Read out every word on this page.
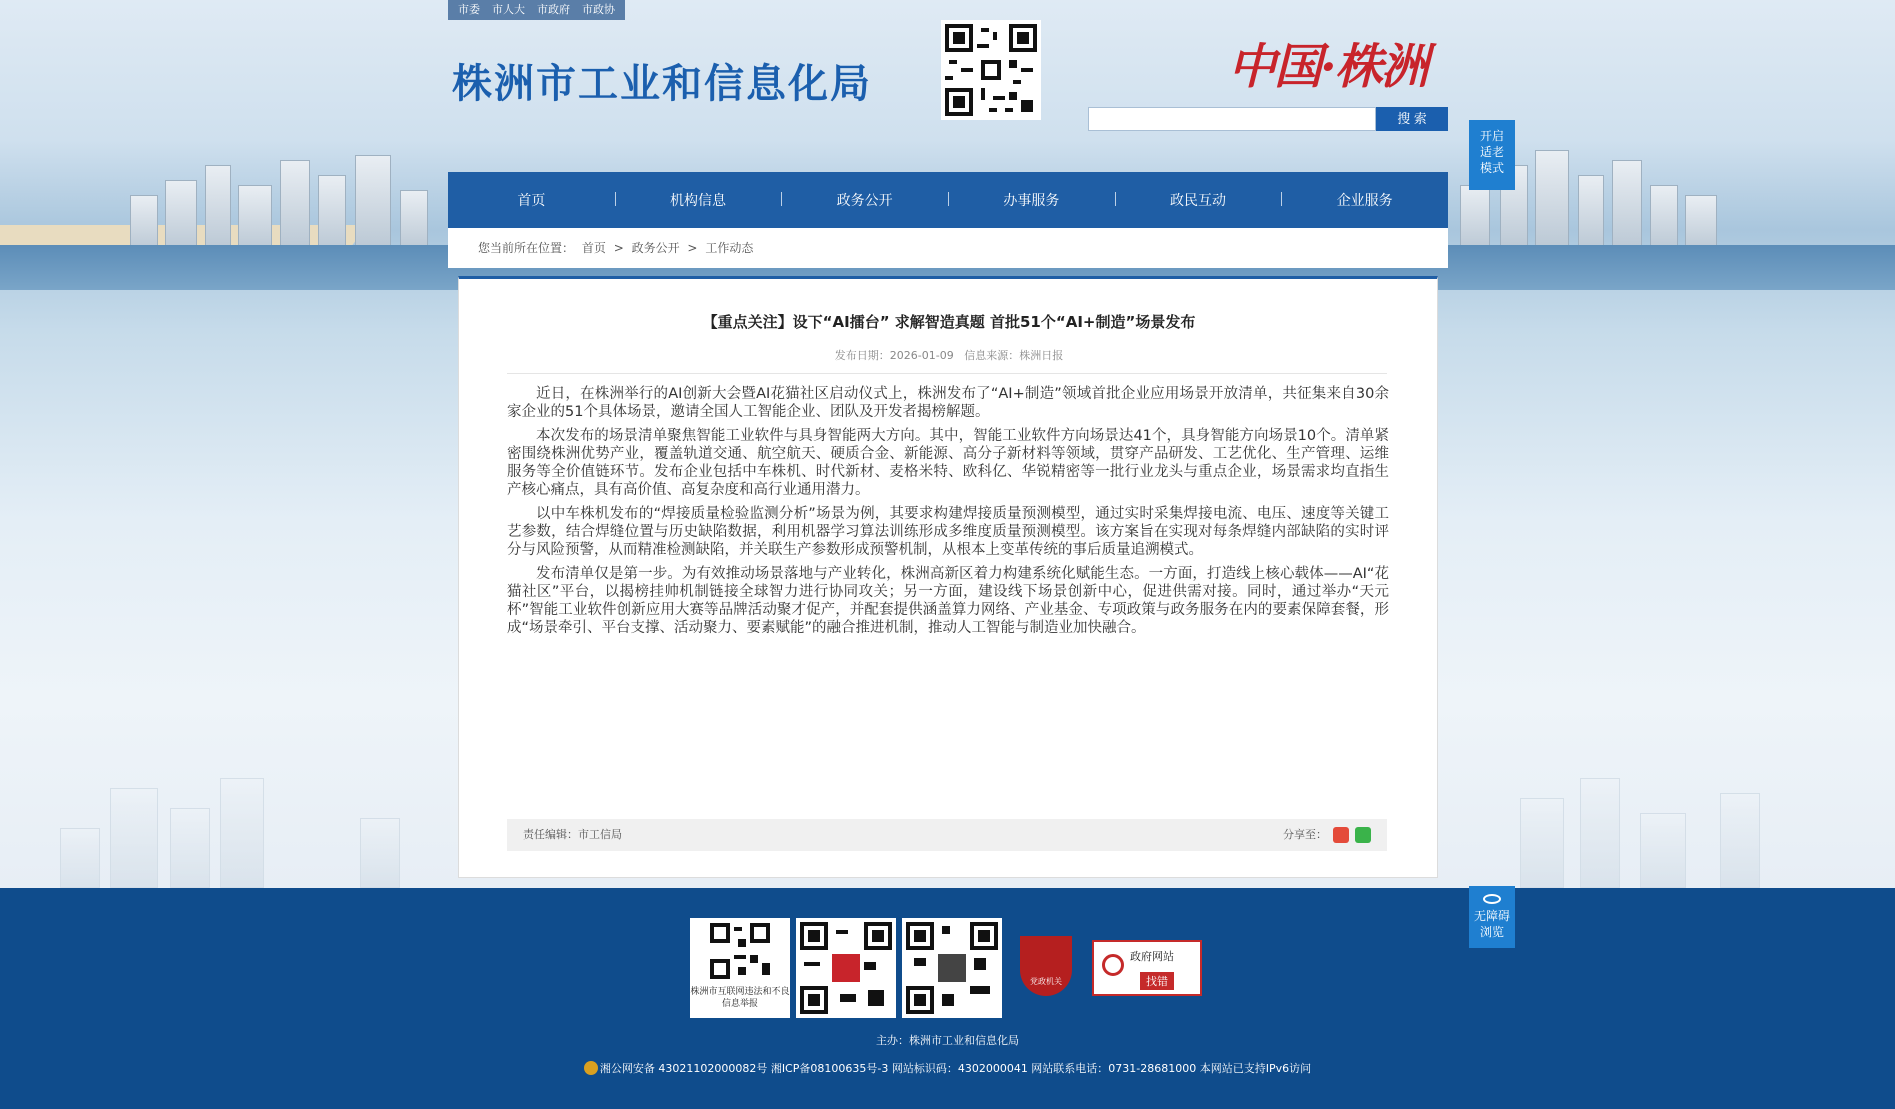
市委	市人大	市政府	市政协
株洲市工业和信息化局	中国·株洲
搜 索
开启
适老
模式
无障碍
浏览
首页	机构信息	政务公开	办事服务	政民互动	企业服务
您当前所在位置： 首页 > 政务公开 > 工作动态
【重点关注】设下“AI擂台” 求解智造真题 首批51个“AI+制造”场景发布
发布日期：2026-01-09 信息来源：株洲日报

近日，在株洲举行的AI创新大会暨AI花猫社区启动仪式上，株洲发布了“AI+制造”领域首批企业应用场景开放清单，共征集来自30余家企业的51个具体场景，邀请全国人工智能企业、团队及开发者揭榜解题。

本次发布的场景清单聚焦智能工业软件与具身智能两大方向。其中，智能工业软件方向场景达41个，具身智能方向场景10个。清单紧密围绕株洲优势产业，覆盖轨道交通、航空航天、硬质合金、新能源、高分子新材料等领域，贯穿产品研发、工艺优化、生产管理、运维服务等全价值链环节。发布企业包括中车株机、时代新材、麦格米特、欧科亿、华锐精密等一批行业龙头与重点企业，场景需求均直指生产核心痛点，具有高价值、高复杂度和高行业通用潜力。

以中车株机发布的“焊接质量检验监测分析”场景为例，其要求构建焊接质量预测模型，通过实时采集焊接电流、电压、速度等关键工艺参数，结合焊缝位置与历史缺陷数据，利用机器学习算法训练形成多维度质量预测模型。该方案旨在实现对每条焊缝内部缺陷的实时评分与风险预警，从而精准检测缺陷，并关联生产参数形成预警机制，从根本上变革传统的事后质量追溯模式。

发布清单仅是第一步。为有效推动场景落地与产业转化，株洲高新区着力构建系统化赋能生态。一方面，打造线上核心载体——AI“花猫社区”平台，以揭榜挂帅机制链接全球智力进行协同攻关；另一方面，建设线下场景创新中心，促进供需对接。同时，通过举办“天元杯”智能工业软件创新应用大赛等品牌活动聚才促产，并配套提供涵盖算力网络、产业基金、专项政策与政务服务在内的要素保障套餐，形成“场景牵引、平台支撑、活动聚力、要素赋能”的融合推进机制，推动人工智能与制造业加快融合。

责任编辑：市工信局	分享至：
株洲市互联网违法和不良信息举报
党政机关
政府网站
找错
主办：株洲市工业和信息化局
湘公网安备 43021102000082号 湘ICP备08100635号-3 网站标识码：4302000041 网站联系电话：0731-28681000 本网站已支持IPv6访问
